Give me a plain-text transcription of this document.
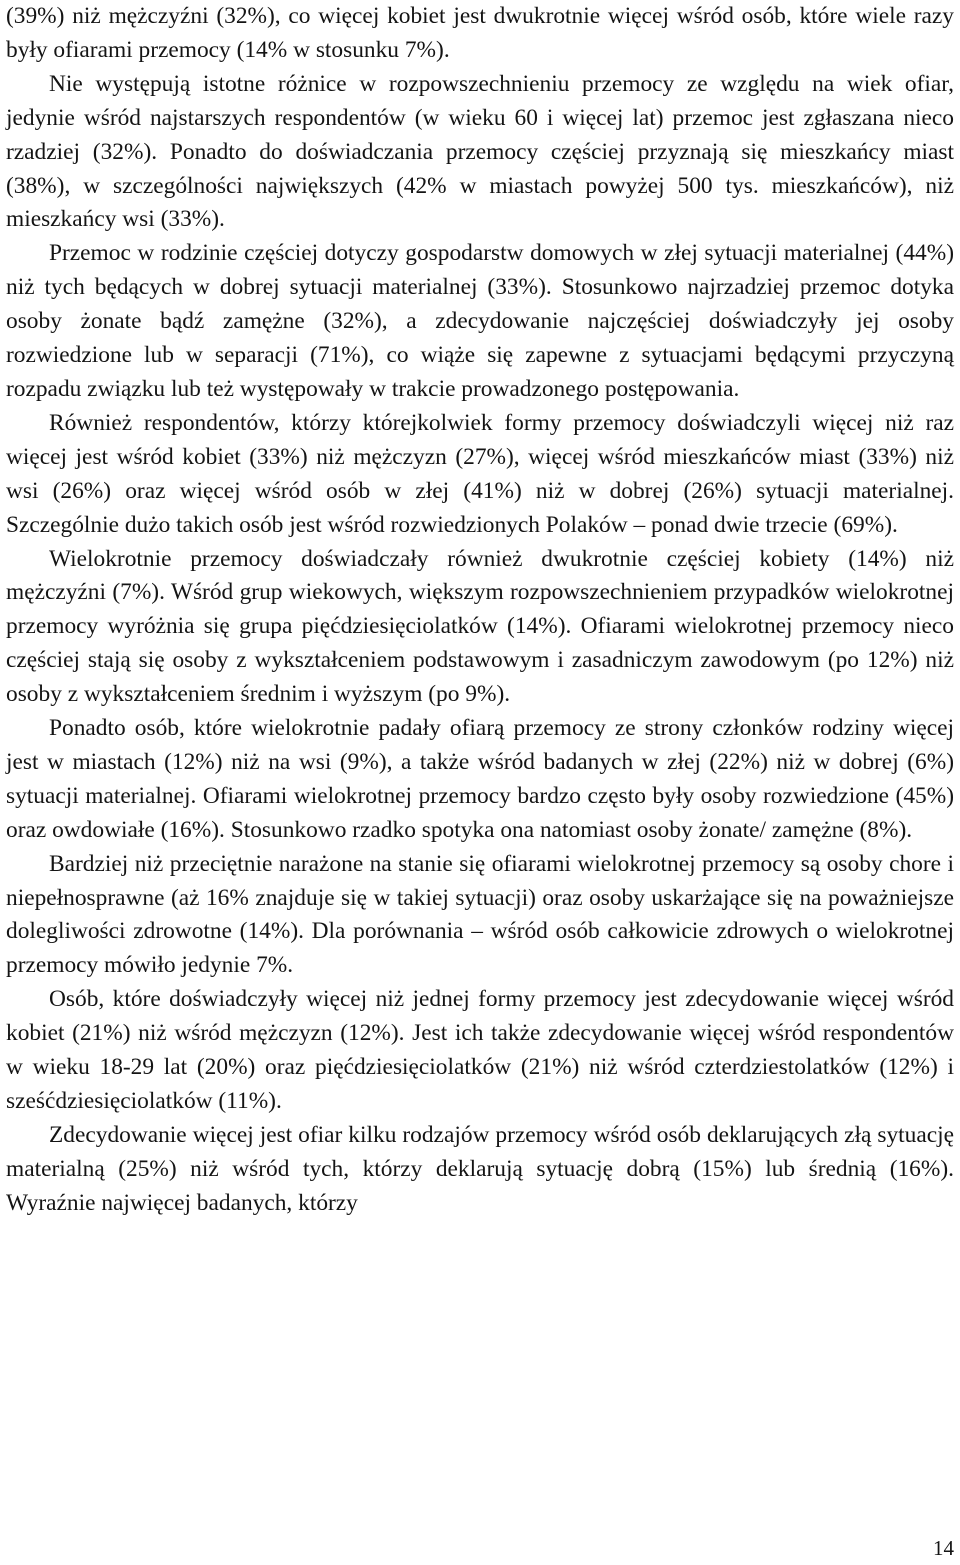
(39%) niż mężczyźni (32%), co więcej kobiet jest dwukrotnie więcej wśród osób, które wiele razy były ofiarami przemocy (14% w stosunku 7%).

Nie występują istotne różnice w rozpowszechnieniu przemocy ze względu na wiek ofiar, jedynie wśród najstarszych respondentów (w wieku 60 i więcej lat) przemoc jest zgłaszana nieco rzadziej (32%). Ponadto do doświadczania przemocy częściej przyznają się mieszkańcy miast (38%), w szczególności największych (42% w miastach powyżej 500 tys. mieszkańców), niż mieszkańcy wsi (33%).

Przemoc w rodzinie częściej dotyczy gospodarstw domowych w złej sytuacji materialnej (44%) niż tych będących w dobrej sytuacji materialnej (33%). Stosunkowo najrzadziej przemoc dotyka osoby żonate bądź zamężne (32%), a zdecydowanie najczęściej doświadczyły jej osoby rozwiedzione lub w separacji (71%), co wiąże się zapewne z sytuacjami będącymi przyczyną rozpadu związku lub też występowały w trakcie prowadzonego postępowania.

Również respondentów, którzy którejkolwiek formy przemocy doświadczyli więcej niż raz więcej jest wśród kobiet (33%) niż mężczyzn (27%), więcej wśród mieszkańców miast (33%) niż wsi (26%) oraz więcej wśród osób w złej (41%) niż w dobrej (26%) sytuacji materialnej. Szczególnie dużo takich osób jest wśród rozwiedzionych Polaków – ponad dwie trzecie (69%).

Wielokrotnie przemocy doświadczały również dwukrotnie częściej kobiety (14%) niż mężczyźni (7%). Wśród grup wiekowych, większym rozpowszechnieniem przypadków wielokrotnej przemocy wyróżnia się grupa pięćdziesięciolatków (14%). Ofiarami wielokrotnej przemocy nieco częściej stają się osoby z wykształceniem podstawowym i zasadniczym zawodowym (po 12%) niż osoby z wykształceniem średnim i wyższym (po 9%).

Ponadto osób, które wielokrotnie padały ofiarą przemocy ze strony członków rodziny więcej jest w miastach (12%) niż na wsi (9%), a także wśród badanych w złej (22%) niż w dobrej (6%) sytuacji materialnej. Ofiarami wielokrotnej przemocy bardzo często były osoby rozwiedzione (45%) oraz owdowiałe (16%). Stosunkowo rzadko spotyka ona natomiast osoby żonate/ zamężne (8%).

Bardziej niż przeciętnie narażone na stanie się ofiarami wielokrotnej przemocy są osoby chore i niepełnosprawne (aż 16% znajduje się w takiej sytuacji) oraz osoby uskarżające się na poważniejsze dolegliwości zdrowotne (14%). Dla porównania – wśród osób całkowicie zdrowych o wielokrotnej przemocy mówiło jedynie 7%.

Osób, które doświadczyły więcej niż jednej formy przemocy jest zdecydowanie więcej wśród kobiet (21%) niż wśród mężczyzn (12%). Jest ich także zdecydowanie więcej wśród respondentów w wieku 18-29 lat (20%) oraz pięćdziesięciolatków (21%) niż wśród czterdziestolatków (12%) i sześćdziesięciolatków (11%).

Zdecydowanie więcej jest ofiar kilku rodzajów przemocy wśród osób deklarujących złą sytuację materialną (25%) niż wśród tych, którzy deklarują sytuację dobrą (15%) lub średnią (16%). Wyraźnie najwięcej badanych, którzy

14
